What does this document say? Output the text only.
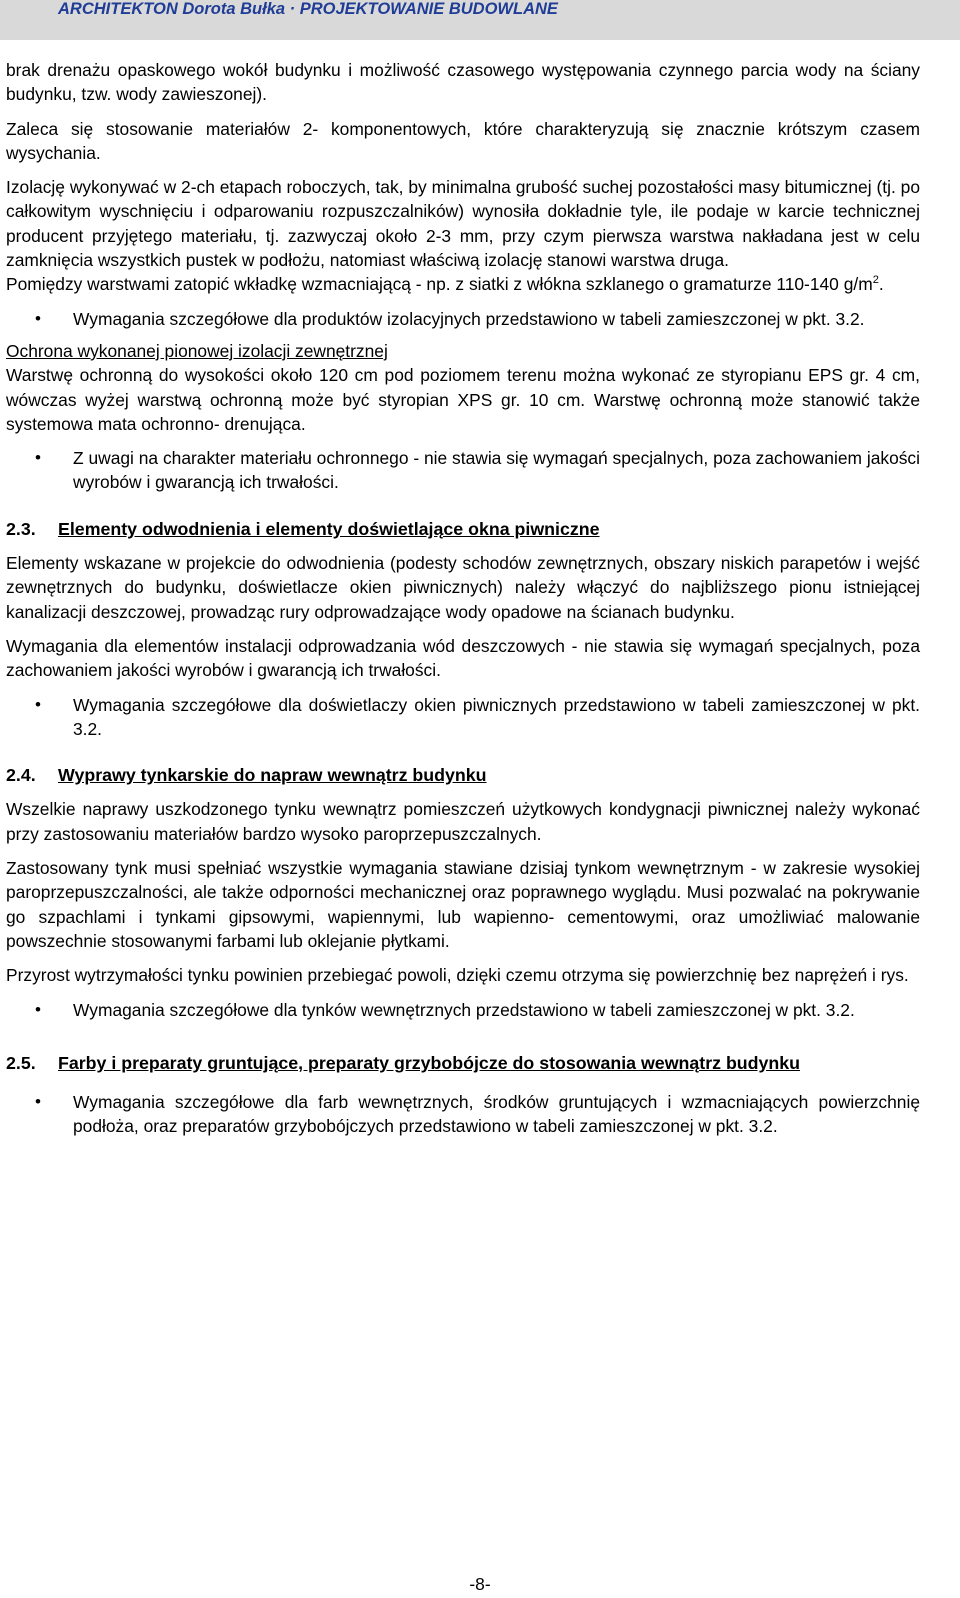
ARCHITEKTON Dorota Bułka · PROJEKTOWANIE BUDOWLANE

brak drenażu opaskowego wokół budynku i możliwość czasowego występowania czynnego parcia wody na ściany budynku, tzw. wody zawieszonej).

Zaleca się stosowanie materiałów 2- komponentowych, które charakteryzują się znacznie krótszym czasem wysychania.

Izolację wykonywać w 2-ch etapach roboczych, tak, by minimalna grubość suchej pozostałości masy bitumicznej (tj. po całkowitym wyschnięciu i odparowaniu rozpuszczalników) wynosiła dokładnie tyle, ile podaje w karcie technicznej producent przyjętego materiału, tj. zazwyczaj około 2-3 mm, przy czym pierwsza warstwa nakładana jest w celu zamknięcia wszystkich pustek w podłożu, natomiast właściwą izolację stanowi warstwa druga.

Pomiędzy warstwami zatopić wkładkę wzmacniającą - np. z siatki z włókna szklanego o gramaturze 110-140 $g/m^2$.

• Wymagania szczegółowe dla produktów izolacyjnych przedstawiono w tabeli zamieszczonej w pkt. 3.2.

Ochrona wykonanej pionowej izolacji zewnętrznej

Warstwę ochronną do wysokości około 120 cm pod poziomem terenu można wykonać ze styropianu EPS gr. 4 cm, wówczas wyżej warstwą ochronną może być styropian XPS gr. 10 cm. Warstwę ochronną może stanowić także systemowa mata ochronno- drenująca.

• Z uwagi na charakter materiału ochronnego - nie stawia się wymagań specjalnych, poza zachowaniem jakości wyrobów i gwarancją ich trwałości.

2.3.	Elementy odwodnienia i elementy doświetlające okna piwniczne

Elementy wskazane w projekcie do odwodnienia (podesty schodów zewnętrznych, obszary niskich parapetów i wejść zewnętrznych do budynku, doświetlacze okien piwnicznych) należy włączyć do najbliższego pionu istniejącej kanalizacji deszczowej, prowadząc rury odprowadzające wody opadowe na ścianach budynku.

Wymagania dla elementów instalacji odprowadzania wód deszczowych - nie stawia się wymagań specjalnych, poza zachowaniem jakości wyrobów i gwarancją ich trwałości.

• Wymagania szczegółowe dla doświetlaczy okien piwnicznych przedstawiono w tabeli zamieszczonej w pkt. 3.2.

2.4.	Wyprawy tynkarskie do napraw wewnątrz budynku

Wszelkie naprawy uszkodzonego tynku wewnątrz pomieszczeń użytkowych kondygnacji piwnicznej należy wykonać przy zastosowaniu materiałów bardzo wysoko paroprzepuszczalnych.

Zastosowany tynk musi spełniać wszystkie wymagania stawiane dzisiaj tynkom wewnętrznym - w zakresie wysokiej paroprzepuszczalności, ale także odporności mechanicznej oraz poprawnego wyglądu. Musi pozwalać na pokrywanie go szpachlami i tynkami gipsowymi, wapiennymi, lub wapienno- cementowymi, oraz umożliwiać malowanie powszechnie stosowanymi farbami lub oklejanie płytkami.

Przyrost wytrzymałości tynku powinien przebiegać powoli, dzięki czemu otrzyma się powierzchnię bez naprężeń i rys.

• Wymagania szczegółowe dla tynków wewnętrznych przedstawiono w tabeli zamieszczonej w pkt. 3.2.

2.5.	Farby i preparaty gruntujące, preparaty grzybobójcze do stosowania wewnątrz budynku
• Wymagania szczegółowe dla farb wewnętrznych, środków gruntujących i wzmacniających powierzchnię podłoża, oraz preparatów grzybobójczych przedstawiono w tabeli zamieszczonej w pkt. 3.2.

-8-
